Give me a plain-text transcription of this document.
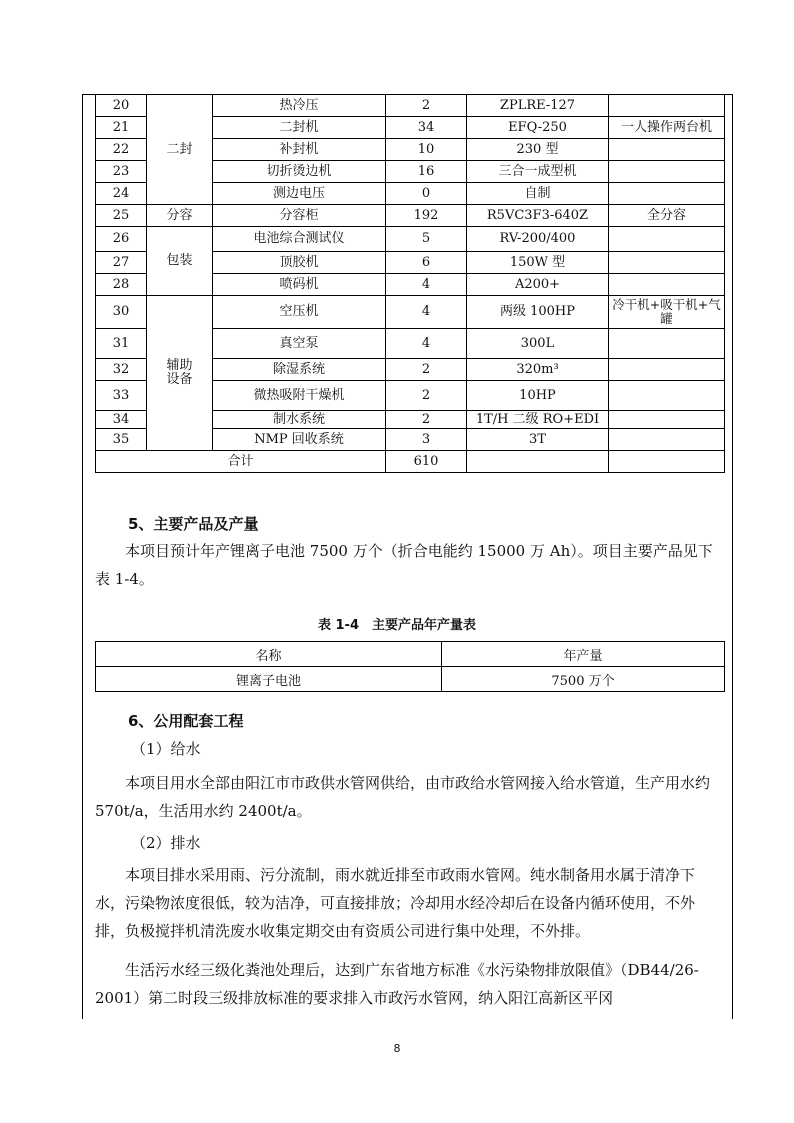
20	二封	热冷压	2	ZPLRE-127	
21		二封机	34	EFQ-250	一人操作两台机
22		补封机	10	230 型	
23		切折烫边机	16	三合一成型机	
24		测边电压	0	自制	
25	分容	分容柜	192	R5VC3F3-640Z	全分容
26	包装	电池综合测试仪	5	RV-200/400	
27		顶胶机	6	150W 型	
28		喷码机	4	A200+	
30	辅助设备	空压机	4	两级 100HP	冷干机+吸干机+气罐
31		真空泵	4	300L	
32		除湿系统	2	320m³	
33		微热吸附干燥机	2	10HP	
34		制水系统	2	1T/H 二级 RO+EDI	
35		NMP 回收系统	3	3T	
合计			610		
5、主要产品及产量

本项目预计年产锂离子电池 7500 万个（折合电能约 15000 万 Ah）。项目主要产品见下表 1-4。

表 1-4　主要产品年产量表
名称	年产量
锂离子电池	7500 万个
6、公用配套工程
（1）给水

本项目用水全部由阳江市市政供水管网供给，由市政给水管网接入给水管道，生产用水约 570t/a，生活用水约 2400t/a。

（2）排水

本项目排水采用雨、污分流制，雨水就近排至市政雨水管网。纯水制备用水属于清净下水，污染物浓度很低，较为洁净，可直接排放；冷却用水经冷却后在设备内循环使用，不外排，负极搅拌机清洗废水收集定期交由有资质公司进行集中处理，不外排。

生活污水经三级化粪池处理后，达到广东省地方标准《水污染物排放限值》（DB44/26-2001）第二时段三级排放标准的要求排入市政污水管网，纳入阳江高新区平冈

8
